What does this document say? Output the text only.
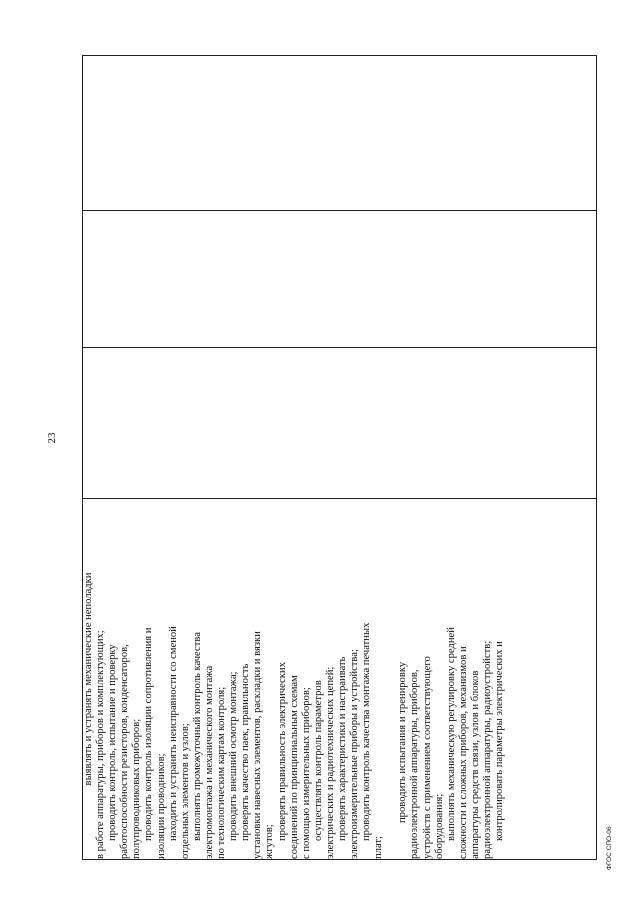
23
выявлять и устранять механические неполадки в работе аппаратуры, приборов и комплектующих; проводить контроль, испытание и проверку работоспособности резисторов, конденсаторов, полупроводниковых приборов; проводить контроль изоляции сопротивления и изоляции проводников; находить и устранять неисправности со сменой отдельных элементов и узлов; выполнять промежуточный контроль качества электромонтажа и механического монтажа по технологическим картам контроля; проводить внешний осмотр монтажа; проверять качество паек, правильность установки навесных элементов, раскладки и вязки жгутов;
проверять правильность электрических соединений по принципиальным схемам с помощью измерительных приборов; осуществлять контроль параметров электрических и радиотехнических цепей; проверять характеристики и настраивать электроизмерительные приборы и устройства; проводить контроль качества монтажа печатных
плат;
проводить испытания и тренировку радиоэлектронной аппаратуры, приборов, устройств с применением соответствующего оборудования; выполнять механическую регулировку средней сложности и сложных приборов, механизмов и аппаратуры средств связи, узлов и блоков радиоэлектронной аппаратуры, радиоустройств; контролировать параметры электрических и

ФГОС СПО-06
